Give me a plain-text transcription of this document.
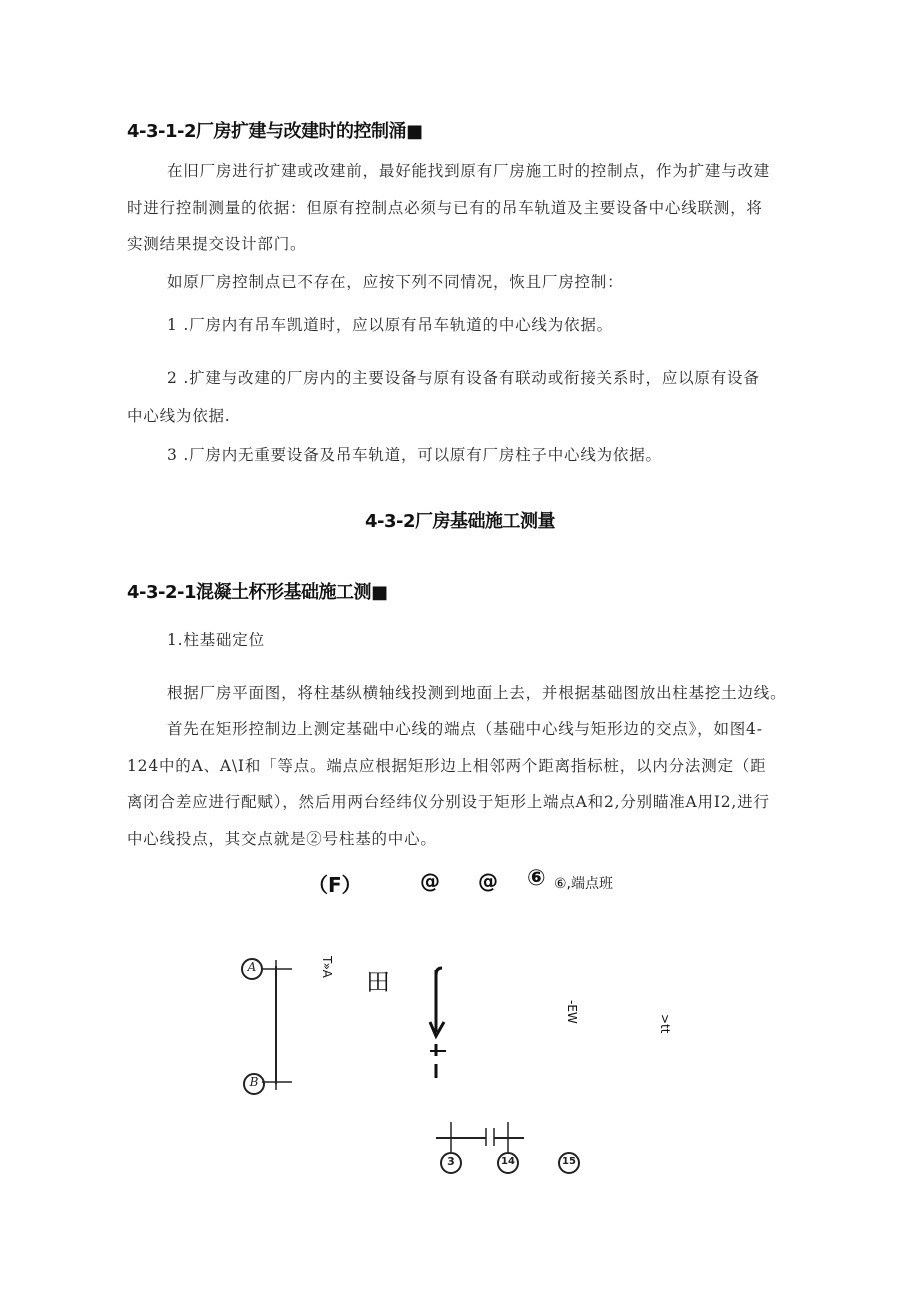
4-3-1-2厂房扩建与改建时的控制涌■
在旧厂房进行扩建或改建前，最好能找到原有厂房施工时的控制点，作为扩建与改建
时进行控制测量的依据：但原有控制点必须与已有的吊车轨道及主要设备中心线联测，将
实测结果提交设计部门。
如原厂房控制点已不存在，应按下列不同情况，恢且厂房控制：
1 .厂房内有吊车凯道时，应以原有吊车轨道的中心线为依据。
2 .扩建与改建的厂房内的主要设备与原有设备有联动或衔接关系时，应以原有设备
中心线为依据.
3 .厂房内无重要设备及吊车轨道，可以原有厂房柱子中心线为依据。
4-3-2厂房基础施工测量
4-3-2-1混凝土杯形基础施工测■
1.柱基础定位
根据厂房平面图，将柱基纵横轴线投测到地面上去，并根据基础图放出柱基挖土边线。
首先在矩形控制边上测定基础中心线的端点（基础中心线与矩形边的交点》，如图4-
124中的A、A\I和「等点。端点应根据矩形边上相邻两个距离指标桩，以内分法测定（距
离闭合差应进行配赋），然后用两台经纬仪分别设于矩形上端点A和2,分别瞄准A用I2,进行
中心线投点，其交点就是②号柱基的中心。
（F）	@ @ ⑥ ⑥,端点班
A
B
3	14	15
T»A
-EW	>tt
田
